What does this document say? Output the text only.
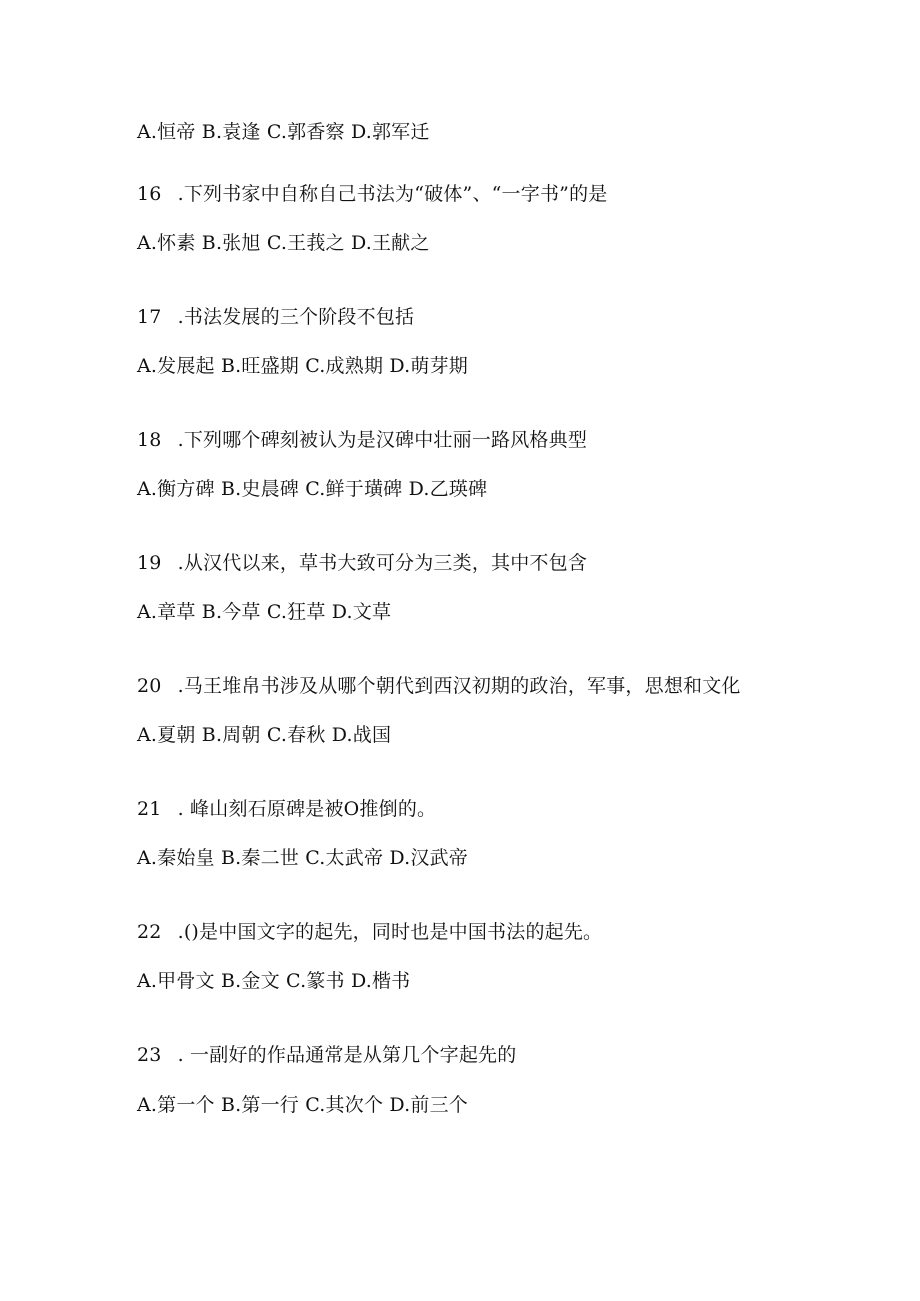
A.恒帝 B.袁逢 C.郭香察 D.郭军迁
16 .下列书家中自称自己书法为“破体”、“一字书”的是
A.怀素 B.张旭 C.王莪之 D.王献之
17 .书法发展的三个阶段不包括
A.发展起 B.旺盛期 C.成熟期 D.萌芽期
18 .下列哪个碑刻被认为是汉碑中壮丽一路风格典型
A.衡方碑 B.史晨碑 C.鲜于璜碑 D.乙瑛碑
19 .从汉代以来，草书大致可分为三类，其中不包含
A.章草 B.今草 C.狂草 D.文草
20 .马王堆帛书涉及从哪个朝代到西汉初期的政治，军事，思想和文化
A.夏朝 B.周朝 C.春秋 D.战国
21 . 峰山刻石原碑是被O推倒的。
A.秦始皇 B.秦二世 C.太武帝 D.汉武帝
22 .()是中国文字的起先，同时也是中国书法的起先。
A.甲骨文 B.金文 C.篆书 D.楷书
23 . 一副好的作品通常是从第几个字起先的
A.第一个 B.第一行 C.其次个 D.前三个
